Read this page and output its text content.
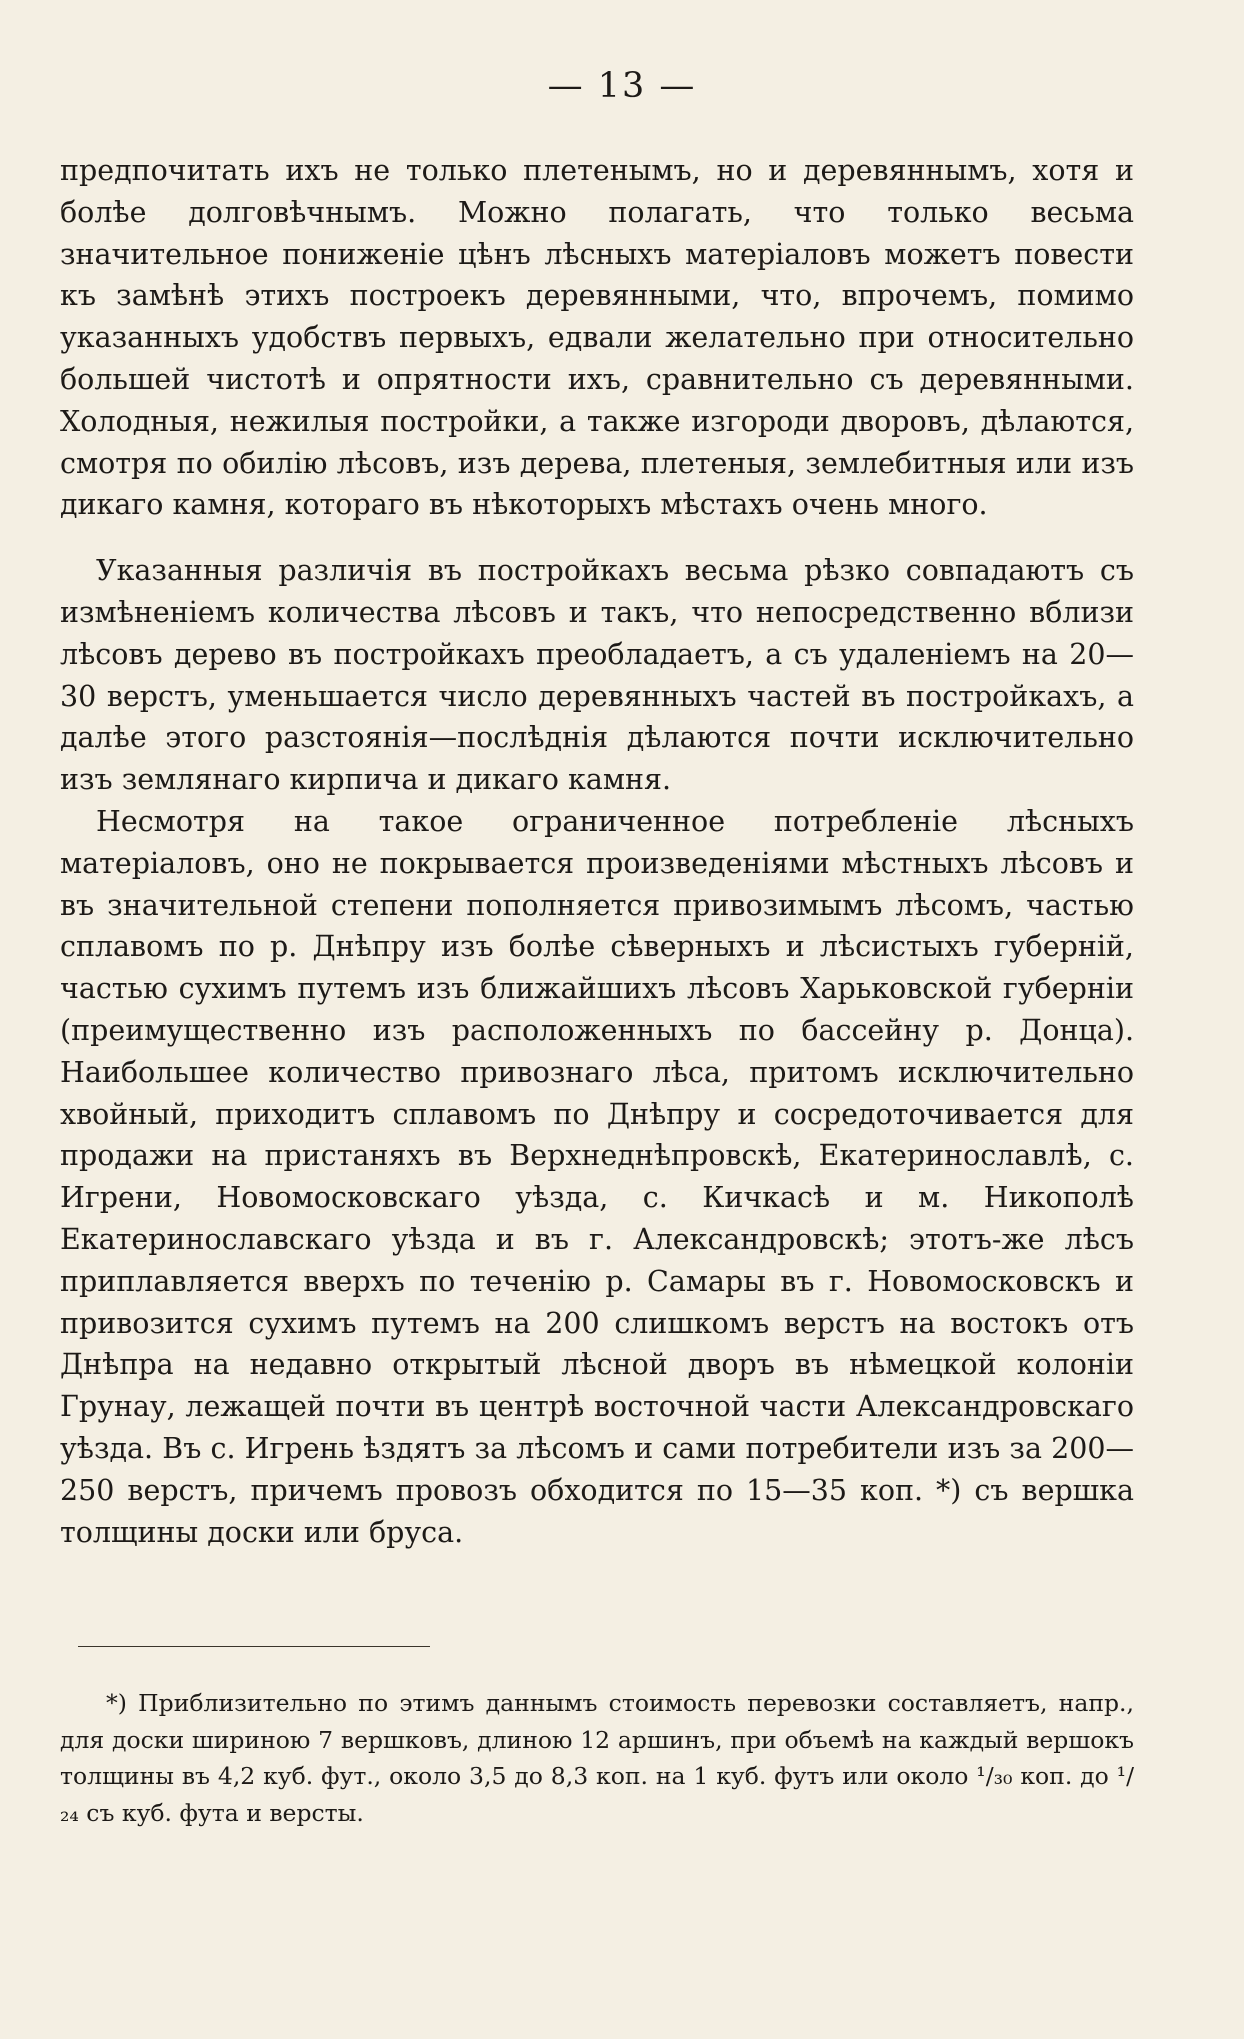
— 13 —

предпочитать ихъ не только плетенымъ, но и деревяннымъ, хотя и болѣе долговѣчнымъ. Можно полагать, что только весьма значительное пониженіе цѣнъ лѣсныхъ матеріаловъ можетъ повести къ замѣнѣ этихъ построекъ деревянными, что, впрочемъ, помимо указанныхъ удобствъ первыхъ, едвали желательно при относительно большей чистотѣ и опрятности ихъ, сравнительно съ деревянными. Холодныя, нежилыя постройки, а также изгороди дворовъ, дѣлаются, смотря по обилію лѣсовъ, изъ дерева, плетеныя, землебитныя или изъ дикаго камня, котораго въ нѣкоторыхъ мѣстахъ очень много.

Указанныя различія въ постройкахъ весьма рѣзко совпадаютъ съ измѣненіемъ количества лѣсовъ и такъ, что непосредственно вблизи лѣсовъ дерево въ постройкахъ преобладаетъ, а съ удаленіемъ на 20—30 верстъ, уменьшается число деревянныхъ частей въ постройкахъ, а далѣе этого разстоянія—послѣднія дѣлаются почти исключительно изъ землянаго кирпича и дикаго камня.

Несмотря на такое ограниченное потребленіе лѣсныхъ матеріаловъ, оно не покрывается произведеніями мѣстныхъ лѣсовъ и въ значительной степени пополняется привозимымъ лѣсомъ, частью сплавомъ по р. Днѣпру изъ болѣе сѣверныхъ и лѣсистыхъ губерній, частью сухимъ путемъ изъ ближайшихъ лѣсовъ Харьковской губерніи (преимущественно изъ расположенныхъ по бассейну р. Донца). Наибольшее количество привознаго лѣса, притомъ исключительно хвойный, приходитъ сплавомъ по Днѣпру и сосредоточивается для продажи на пристаняхъ въ Верхнеднѣпровскѣ, Екатеринославлѣ, с. Игрени, Новомосковскаго уѣзда, с. Кичкасѣ и м. Никополѣ Екатеринославскаго уѣзда и въ г. Александровскѣ; этотъ-же лѣсъ приплавляется вверхъ по теченію р. Самары въ г. Новомосковскъ и привозится сухимъ путемъ на 200 слишкомъ верстъ на востокъ отъ Днѣпра на недавно открытый лѣсной дворъ въ нѣмецкой колоніи Грунау, лежащей почти въ центрѣ восточной части Александровскаго уѣзда. Въ с. Игрень ѣздятъ за лѣсомъ и сами потребители изъ за 200—250 верстъ, причемъ провозъ обходится по 15—35 коп. *) съ вершка толщины доски или бруса.

*) Приблизительно по этимъ даннымъ стоимость перевозки составляетъ, напр., для доски шириною 7 вершковъ, длиною 12 аршинъ, при объемѣ на каждый вершокъ толщины въ 4,2 куб. фут., около 3,5 до 8,3 коп. на 1 куб. футъ или около ¹/₃₀ коп. до ¹/₂₄ съ куб. фута и версты.
